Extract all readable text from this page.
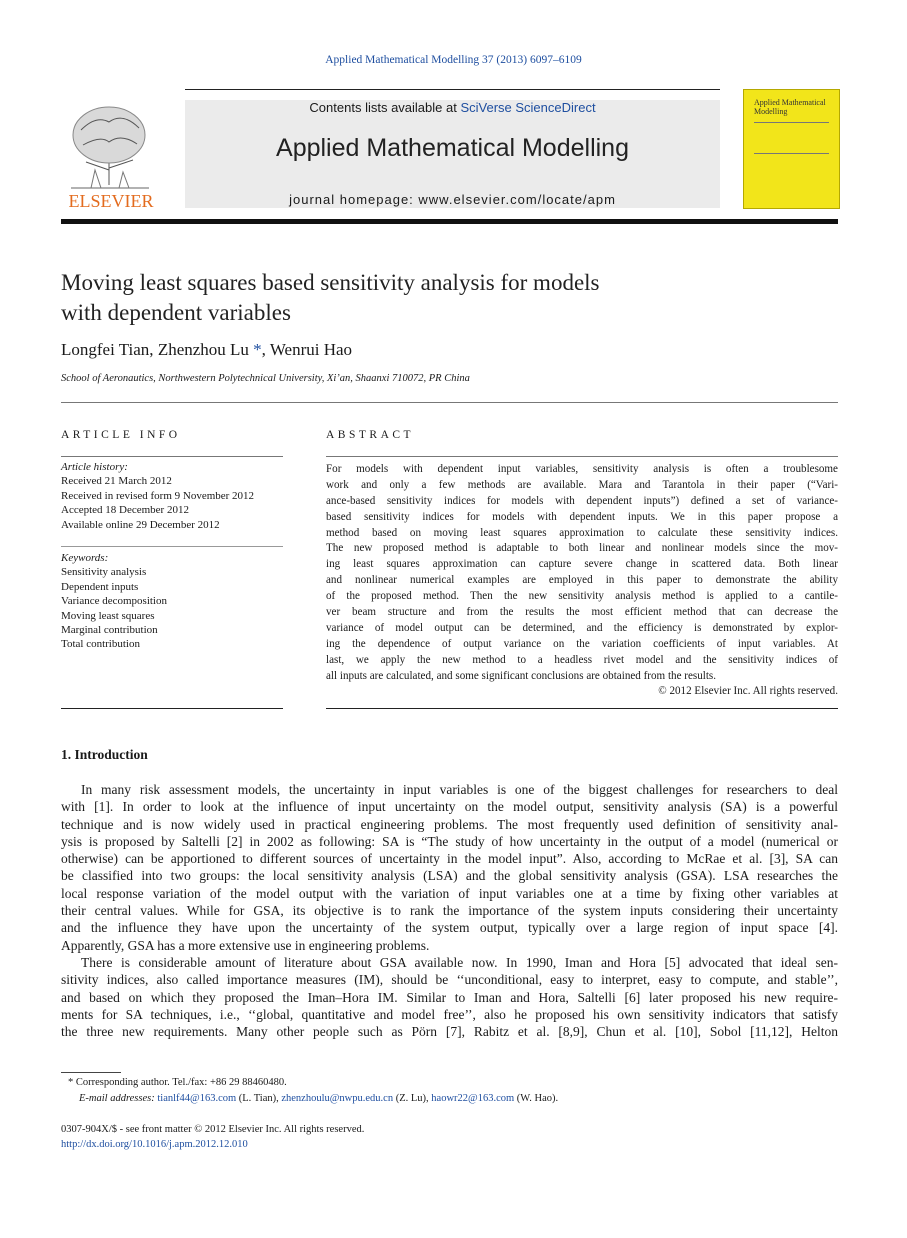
Applied Mathematical Modelling 37 (2013) 6097–6109
ELSEVIER
Contents lists available at SciVerse ScienceDirect
Applied Mathematical Modelling
journal homepage: www.elsevier.com/locate/apm
Applied Mathematical Modelling
Moving least squares based sensitivity analysis for models
with dependent variables
Longfei Tian, Zhenzhou Lu *, Wenrui Hao
School of Aeronautics, Northwestern Polytechnical University, Xi’an, Shaanxi 710072, PR China
ARTICLE INFO	ABSTRACT
Article history:
Received 21 March 2012
Received in revised form 9 November 2012
Accepted 18 December 2012
Available online 29 December 2012
Keywords:
Sensitivity analysis
Dependent inputs
Variance decomposition
Moving least squares
Marginal contribution
Total contribution
For models with dependent input variables, sensitivity analysis is often a troublesome
work and only a few methods are available. Mara and Tarantola in their paper (“Vari-
ance-based sensitivity indices for models with dependent inputs”) defined a set of variance-
based sensitivity indices for models with dependent inputs. We in this paper propose a
method based on moving least squares approximation to calculate these sensitivity indices.
The new proposed method is adaptable to both linear and nonlinear models since the mov-
ing least squares approximation can capture severe change in scattered data. Both linear
and nonlinear numerical examples are employed in this paper to demonstrate the ability
of the proposed method. Then the new sensitivity analysis method is applied to a cantile-
ver beam structure and from the results the most efficient method that can decrease the
variance of model output can be determined, and the efficiency is demonstrated by explor-
ing the dependence of output variance on the variation coefficients of input variables. At
last, we apply the new method to a headless rivet model and the sensitivity indices of
all inputs are calculated, and some significant conclusions are obtained from the results.
© 2012 Elsevier Inc. All rights reserved.
1. Introduction
In many risk assessment models, the uncertainty in input variables is one of the biggest challenges for researchers to deal
with [1]. In order to look at the influence of input uncertainty on the model output, sensitivity analysis (SA) is a powerful
technique and is now widely used in practical engineering problems. The most frequently used definition of sensitivity anal-
ysis is proposed by Saltelli [2] in 2002 as following: SA is “The study of how uncertainty in the output of a model (numerical or
otherwise) can be apportioned to different sources of uncertainty in the model input”. Also, according to McRae et al. [3], SA can
be classified into two groups: the local sensitivity analysis (LSA) and the global sensitivity analysis (GSA). LSA researches the
local response variation of the model output with the variation of input variables one at a time by fixing other variables at
their central values. While for GSA, its objective is to rank the importance of the system inputs considering their uncertainty
and the influence they have upon the uncertainty of the system output, typically over a large region of input space [4].
Apparently, GSA has a more extensive use in engineering problems.
There is considerable amount of literature about GSA available now. In 1990, Iman and Hora [5] advocated that ideal sen-
sitivity indices, also called importance measures (IM), should be ‘‘unconditional, easy to interpret, easy to compute, and stable’’,
and based on which they proposed the Iman–Hora IM. Similar to Iman and Hora, Saltelli [6] later proposed his new require-
ments for SA techniques, i.e., ‘‘global, quantitative and model free’’, also he proposed his own sensitivity indicators that satisfy
the three new requirements. Many other people such as Pörn [7], Rabitz et al. [8,9], Chun et al. [10], Sobol [11,12], Helton
* Corresponding author. Tel./fax: +86 29 88460480.
E-mail addresses: tianlf44@163.com (L. Tian), zhenzhoulu@nwpu.edu.cn (Z. Lu), haowr22@163.com (W. Hao).
0307-904X/$ - see front matter © 2012 Elsevier Inc. All rights reserved.
http://dx.doi.org/10.1016/j.apm.2012.12.010
